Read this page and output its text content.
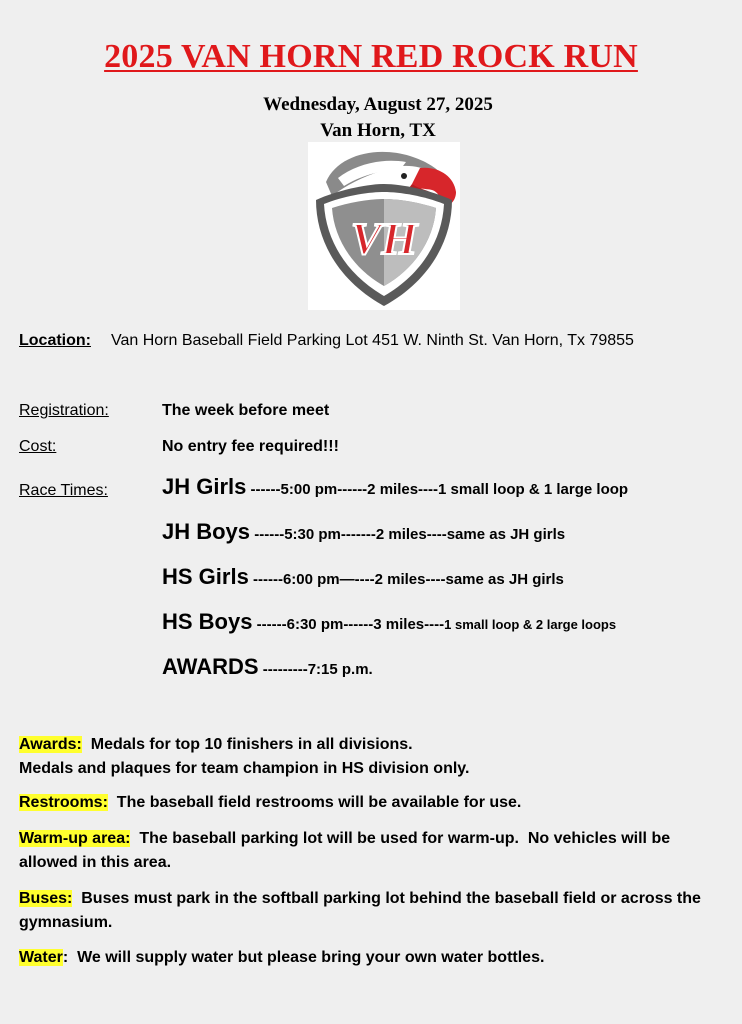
2025 VAN HORN RED ROCK RUN
Wednesday, August 27, 2025
Van Horn, TX
VH
Location: Van Horn Baseball Field Parking Lot 451 W. Ninth St. Van Horn, Tx 79855
Registration:	The week before meet
Cost:	No entry fee required!!!
Race Times: JH Girls ------5:00 pm------2 miles----1 small loop & 1 large loop
JH Boys ------5:30 pm-------2 miles----same as JH girls
HS Girls ------6:00 pm—----2 miles----same as JH girls
HS Boys ------6:30 pm------3 miles----1 small loop & 2 large loops
AWARDS ---------7:15 p.m.
Awards:  Medals for top 10 finishers in all divisions.
Medals and plaques for team champion in HS division only.
Restrooms:  The baseball field restrooms will be available for use.
Warm-up area:  The baseball parking lot will be used for warm-up.  No vehicles will be allowed in this area.
Buses:  Buses must park in the softball parking lot behind the baseball field or across the gymnasium.
Water:  We will supply water but please bring your own water bottles.
